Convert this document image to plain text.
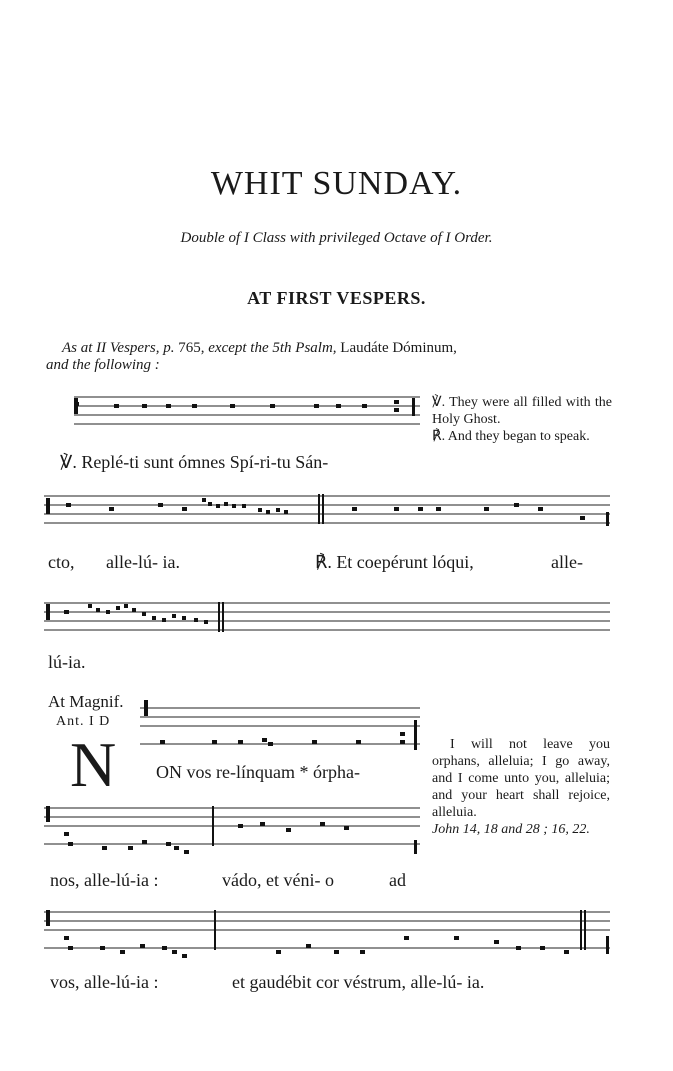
WHIT SUNDAY.
Double of I Class with privileged Octave of I Order.
AT FIRST VESPERS.
As at II Vespers, p. 765, except the 5th Psalm, Laudáte Dóminum,
and the following :
℣. They were all filled with the Holy Ghost.
℟. And they began to speak.
℣. Replé-ti sunt ómnes Spí-ri-tu Sán-
cto, alle-lú- ia.	℟. Et coepérunt lóqui,	alle-
lú-ia.
At Magnif.
Ant. I D
N ON vos re-línquam * órpha-
I will not leave you orphans, alleluia; I go away, and I come unto you, alleluia; and your heart shall rejoice, alleluia.
John 14, 18 and 28 ; 16, 22.
nos, alle-lú-ia :	vádo, et véni- o	ad
vos, alle-lú-ia :	et gaudébit cor véstrum, alle-lú- ia.
